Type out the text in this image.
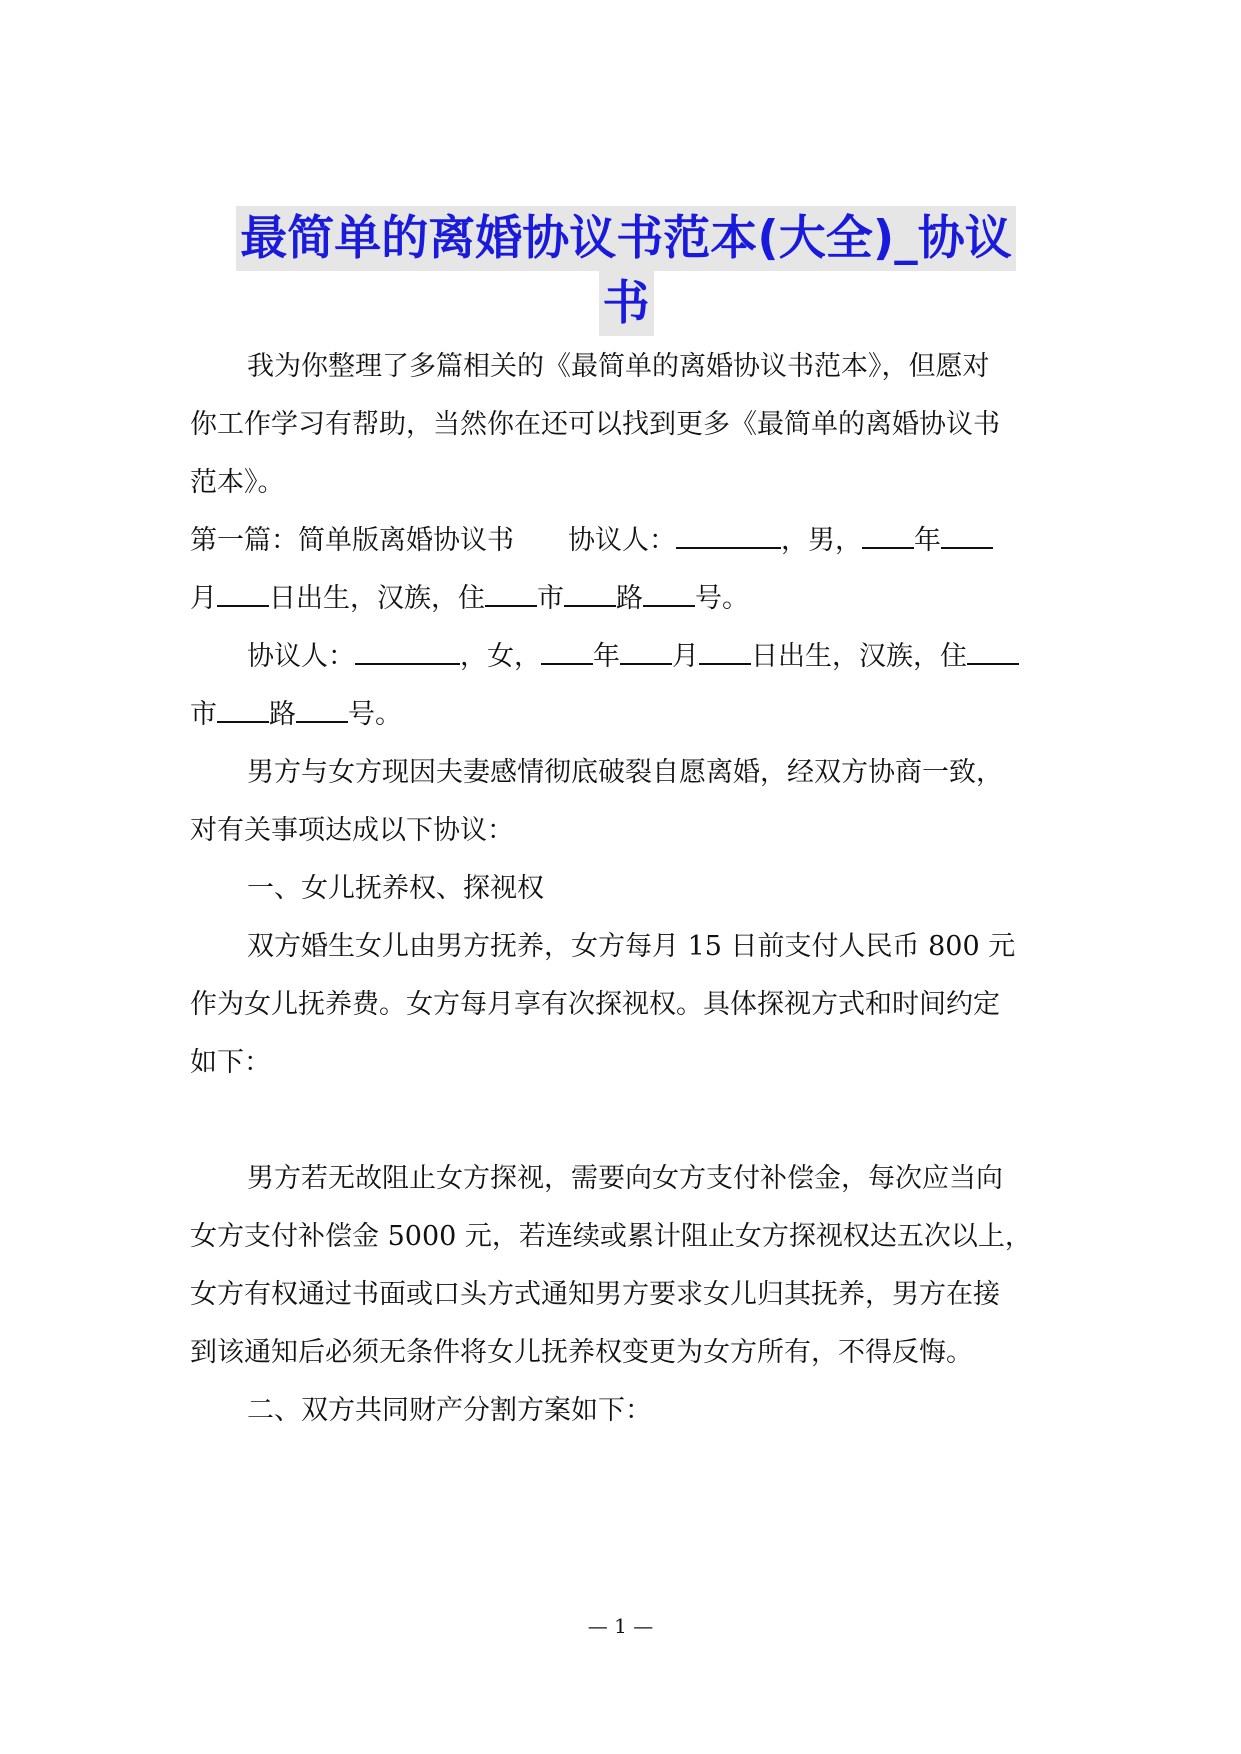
最简单的离婚协议书范本(大全)_协议
书
我为你整理了多篇相关的《最简单的离婚协议书范本》，但愿对
你工作学习有帮助，当然你在还可以找到更多《最简单的离婚协议书
范本》。
第一篇：简单版离婚协议书　　协议人：	，男， 年
月 日出生，汉族，住 市 路 号。
协议人：	，女， 年 月 日出生，汉族，住
市 路 号。
男方与女方现因夫妻感情彻底破裂自愿离婚，经双方协商一致，
对有关事项达成以下协议：
一、女儿抚养权、探视权
双方婚生女儿由男方抚养，女方每月 15 日前支付人民币 800 元
作为女儿抚养费。女方每月享有次探视权。具体探视方式和时间约定
如下：
男方若无故阻止女方探视，需要向女方支付补偿金，每次应当向
女方支付补偿金 5000 元，若连续或累计阻止女方探视权达五次以上，
女方有权通过书面或口头方式通知男方要求女儿归其抚养，男方在接
到该通知后必须无条件将女儿抚养权变更为女方所有，不得反悔。
二、双方共同财产分割方案如下：
— 1 —
